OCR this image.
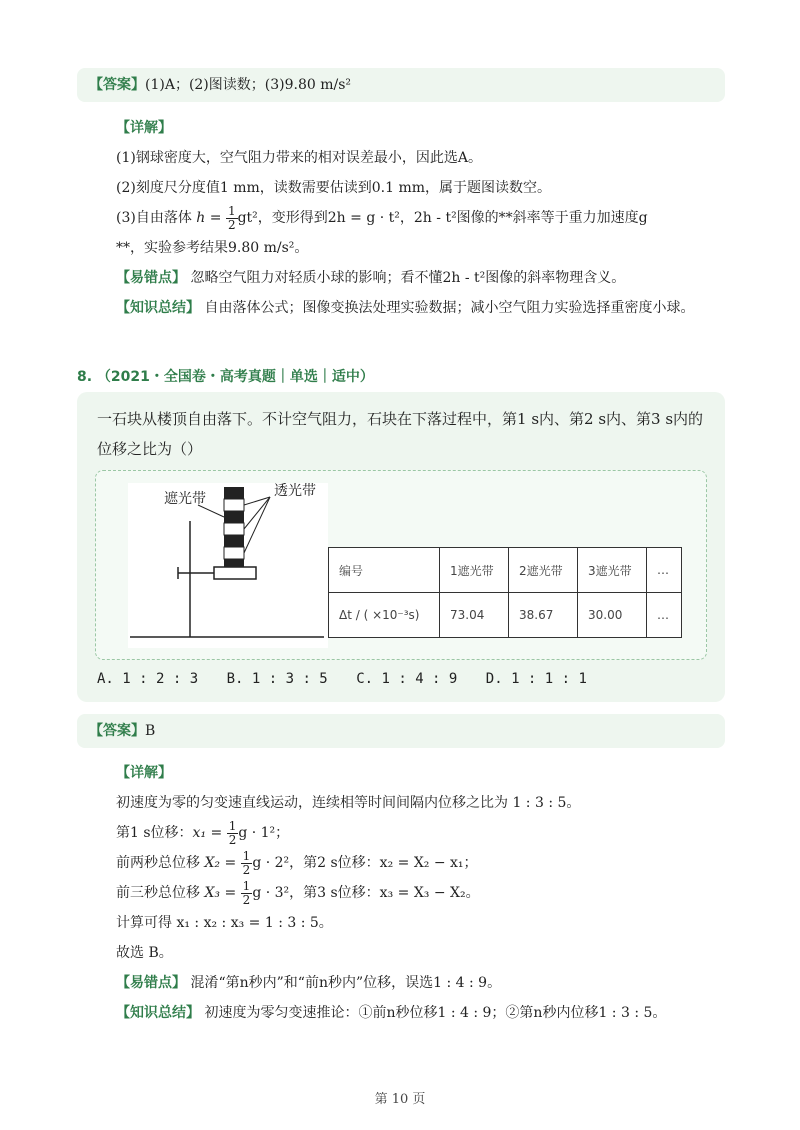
【答案】(1)A；(2)图读数；(3)9.80 m/s²
【详解】
(1)钢球密度大，空气阻力带来的相对误差最小，因此选A。
(2)刻度尺分度值1 mm，读数需要估读到0.1 mm，属于题图读数空。
(3)自由落体 $h = \frac{1}{2} gt^2$，变形得到2h = g · t²，2h - t²图像的**斜率等于重力加速度g
**，实验参考结果9.80 m/s²。
【易错点】 忽略空气阻力对轻质小球的影响；看不懂2h - t²图像的斜率物理含义。
【知识总结】 自由落体公式；图像变换法处理实验数据；减小空气阻力实验选择重密度小球。
8. （2021・全国卷・高考真题｜单选｜适中）
一石块从楼顶自由落下。不计空气阻力，石块在下落过程中，第1 s内、第2 s内、第3 s内的位移之比为（）
遮光带	透光带
编号	1遮光带	2遮光带	3遮光带	…
Δt / ( ×10⁻³s)	73.04	38.67	30.00	…
A. 1 : 2 : 3 B. 1 : 3 : 5 C. 1 : 4 : 9 D. 1 : 1 : 1
【答案】B
【详解】
初速度为零的匀变速直线运动，连续相等时间间隔内位移之比为 1 : 3 : 5。
第1 s位移：$x_1 = \frac{1}{2}$ g · 1²；
前两秒总位移 $X_2 = \frac{1}{2}$ g · 2²，第2 s位移：x₂ = X₂ − x₁；
前三秒总位移 $X_3 = \frac{1}{2}$ g · 3²，第3 s位移：x₃ = X₃ − X₂。
计算可得 x₁ : x₂ : x₃ = 1 : 3 : 5。
故选 B。
【易错点】 混淆“第n秒内”和“前n秒内”位移，误选1 : 4 : 9。
【知识总结】 初速度为零匀变速推论：①前n秒位移1 : 4 : 9；②第n秒内位移1 : 3 : 5。
第 10 页
